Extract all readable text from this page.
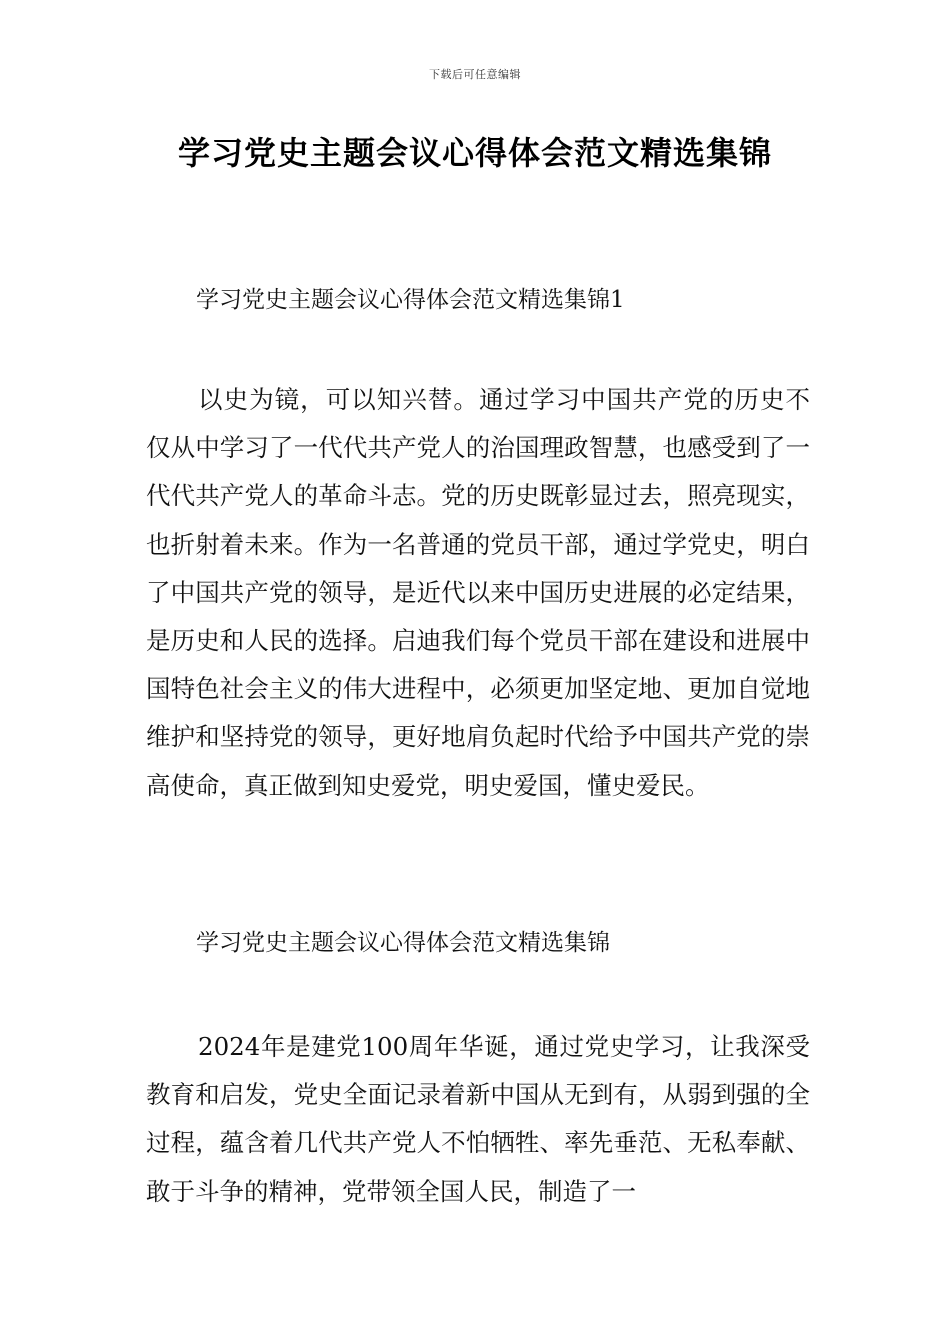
下载后可任意编辑
学习党史主题会议心得体会范文精选集锦
学习党史主题会议心得体会范文精选集锦1

以史为镜，可以知兴替。通过学习中国共产党的历史不仅从中学习了一代代共产党人的治国理政智慧，也感受到了一代代共产党人的革命斗志。党的历史既彰显过去，照亮现实，也折射着未来。作为一名普通的党员干部，通过学党史，明白了中国共产党的领导，是近代以来中国历史进展的必定结果，是历史和人民的选择。启迪我们每个党员干部在建设和进展中国特色社会主义的伟大进程中，必须更加坚定地、更加自觉地维护和坚持党的领导，更好地肩负起时代给予中国共产党的崇高使命，真正做到知史爱党，明史爱国，懂史爱民。

学习党史主题会议心得体会范文精选集锦

2024年是建党100周年华诞，通过党史学习，让我深受教育和启发，党史全面记录着新中国从无到有，从弱到强的全过程，蕴含着几代共产党人不怕牺牲、率先垂范、无私奉献、敢于斗争的精神，党带领全国人民，制造了一
